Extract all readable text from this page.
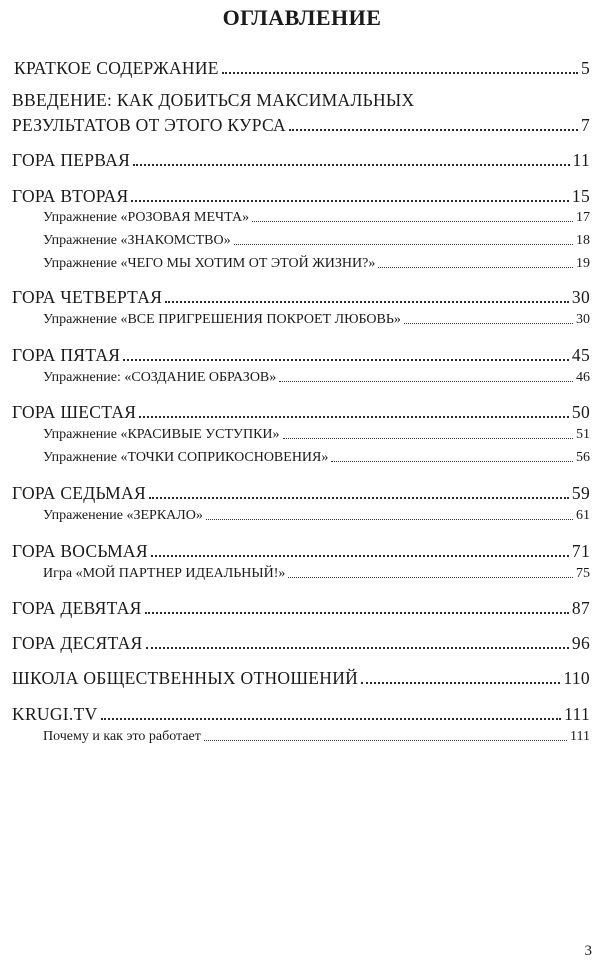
ОГЛАВЛЕНИЕ
КРАТКОЕ СОДЕРЖАНИЕ	5
ВВЕДЕНИЕ: КАК ДОБИТЬСЯ МАКСИМАЛЬНЫХ
РЕЗУЛЬТАТОВ ОТ ЭТОГО КУРСА	7
ГОРА ПЕРВАЯ	11
ГОРА ВТОРАЯ	15
Упражнение «РОЗОВАЯ МЕЧТА»	17
Упражнение «ЗНАКОМСТВО»	18
Упражнение «ЧЕГО МЫ ХОТИМ ОТ ЭТОЙ ЖИЗНИ?»	19
ГОРА ЧЕТВЕРТАЯ	30
Упражнение «ВСЕ ПРИГРЕШЕНИЯ ПОКРОЕТ ЛЮБОВЬ»	30
ГОРА ПЯТАЯ	45
Упражнение: «СОЗДАНИЕ ОБРАЗОВ»	46
ГОРА ШЕСТАЯ	50
Упражнение «КРАСИВЫЕ УСТУПКИ»	51
Упражнение «ТОЧКИ СОПРИКОСНОВЕНИЯ»	56
ГОРА СЕДЬМАЯ	59
Упраженение «ЗЕРКАЛО»	61
ГОРА ВОСЬМАЯ	71
Игра «МОЙ ПАРТНЕР ИДЕАЛЬНЫЙ!»	75
ГОРА ДЕВЯТАЯ	87
ГОРА ДЕСЯТАЯ	96
ШКОЛА ОБЩЕСТВЕННЫХ ОТНОШЕНИЙ	110
KRUGI.TV	111
Почему и как это работает	111
3
